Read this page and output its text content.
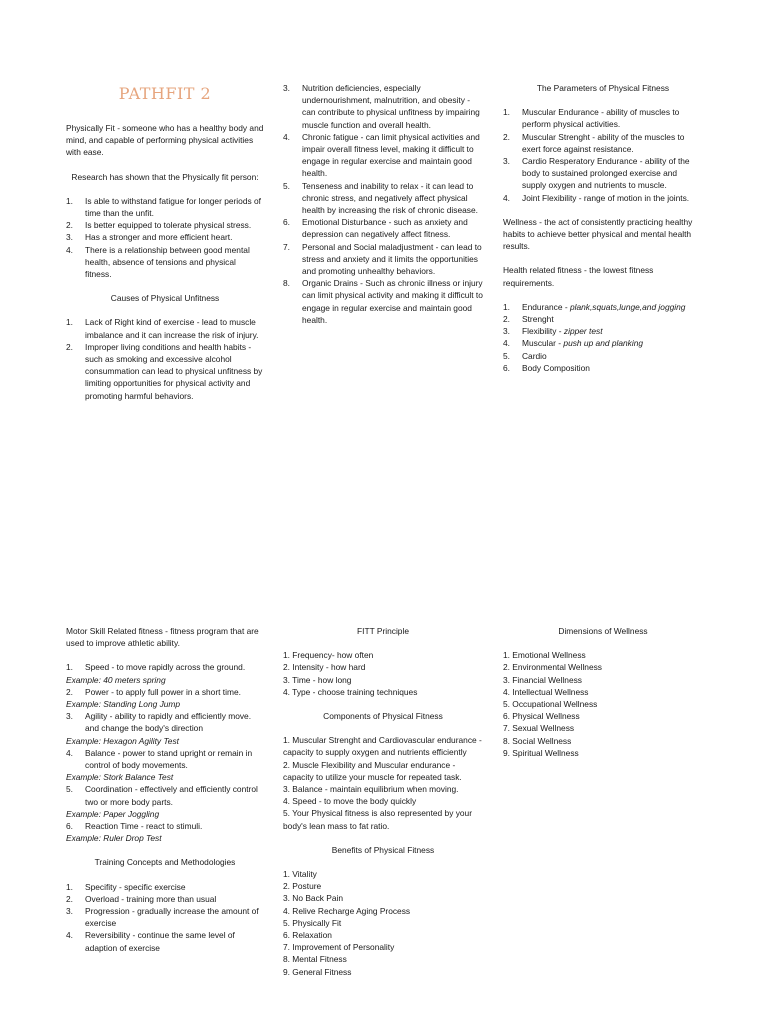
PATHFIT 2

Physically Fit - someone who has a healthy body and mind, and capable of performing physical activities with ease.

Research has shown that the Physically fit person:

1. Is able to withstand fatigue for longer periods of time than the unfit.
2. Is better equipped to tolerate physical stress.
3. Has a stronger and more efficient heart.
4. There is a relationship between good mental health, absence of tensions and physical fitness.

Causes of Physical Unfitness

1. Lack of Right kind of exercise - lead to muscle imbalance and it can increase the risk of injury.
2. Improper living conditions and health habits - such as smoking and excessive alcohol consummation can lead to physical unfitness by limiting opportunities for physical activity and promoting harmful behaviors.
3. Nutrition deficiencies, especially undernourishment, malnutrition, and obesity - can contribute to physical unfitness by impairing muscle function and overall health.
4. Chronic fatigue - can limit physical activities and impair overall fitness level, making it difficult to engage in regular exercise and maintain good health.
5. Tenseness and inability to relax - it can lead to chronic stress, and negatively affect physical health by increasing the risk of chronic disease.
6. Emotional Disturbance - such as anxiety and depression can negatively affect fitness.
7. Personal and Social maladjustment - can lead to stress and anxiety and it limits the opportunities and promoting unhealthy behaviors.
8. Organic Drains - Such as chronic illness or injury can limit physical activity and making it difficult to engage in regular exercise and maintain good health.

The Parameters of Physical Fitness

1. Muscular Endurance - ability of muscles to perform physical activities.
2. Muscular Strenght - ability of the muscles to exert force against resistance.
3. Cardio Resperatory Endurance - ability of the body to sustained prolonged exercise and supply oxygen and nutrients to muscle.
4. Joint Flexibility - range of motion in the joints.

Wellness - the act of consistently practicing healthy habits to achieve better physical and mental health results.

Health related fitness - the lowest fitness requirements.

1. Endurance - plank,squats,lunge,and jogging
2. Strenght
3. Flexibility - zipper test
4. Muscular - push up and planking
5. Cardio
6. Body Composition

Motor Skill Related fitness - fitness program that are used to improve athletic ability.

1. Speed - to move rapidly across the ground.

Example: 40 meters spring

2. Power - to apply full power in a short time.

Example: Standing Long Jump

3. Agility - ability to rapidly and efficiently move. and change the body's direction

Example: Hexagon Agility Test

4. Balance - power to stand upright or remain in control of body movements.

Example: Stork Balance Test

5. Coordination - effectively and efficiently control two or more body parts.

Example: Paper Joggling

6. Reaction Time - react to stimuli.

Example: Ruler Drop Test

Training Concepts and Methodologies

1. Specifity - specific exercise
2. Overload - training more than usual
3. Progression - gradually increase the amount of exercise
4. Reversibility - continue the same level of adaption of exercise

FITT Principle

1. Frequency- how often
2. Intensity - how hard
3. Time - how long
4. Type - choose training techniques

Components of Physical Fitness

1. Muscular Strenght and Cardiovascular endurance - capacity to supply oxygen and nutrients efficiently
2. Muscle Flexibility and Muscular endurance - capacity to utilize your muscle for repeated task.
3. Balance - maintain equilibrium when moving.
4. Speed - to move the body quickly
5. Your Physical fitness is also represented by your body's lean mass to fat ratio.

Benefits of Physical Fitness

1. Vitality
2. Posture
3. No Back Pain
4. Relive Recharge Aging Process
5. Physically Fit
6. Relaxation
7. Improvement of Personality
8. Mental Fitness
9. General Fitness

Dimensions of Wellness

1. Emotional Wellness
2. Environmental Wellness
3. Financial Wellness
4. Intellectual Wellness
5. Occupational Wellness
6. Physical Wellness
7. Sexual Wellness
8. Social Wellness
9. Spiritual Wellness
